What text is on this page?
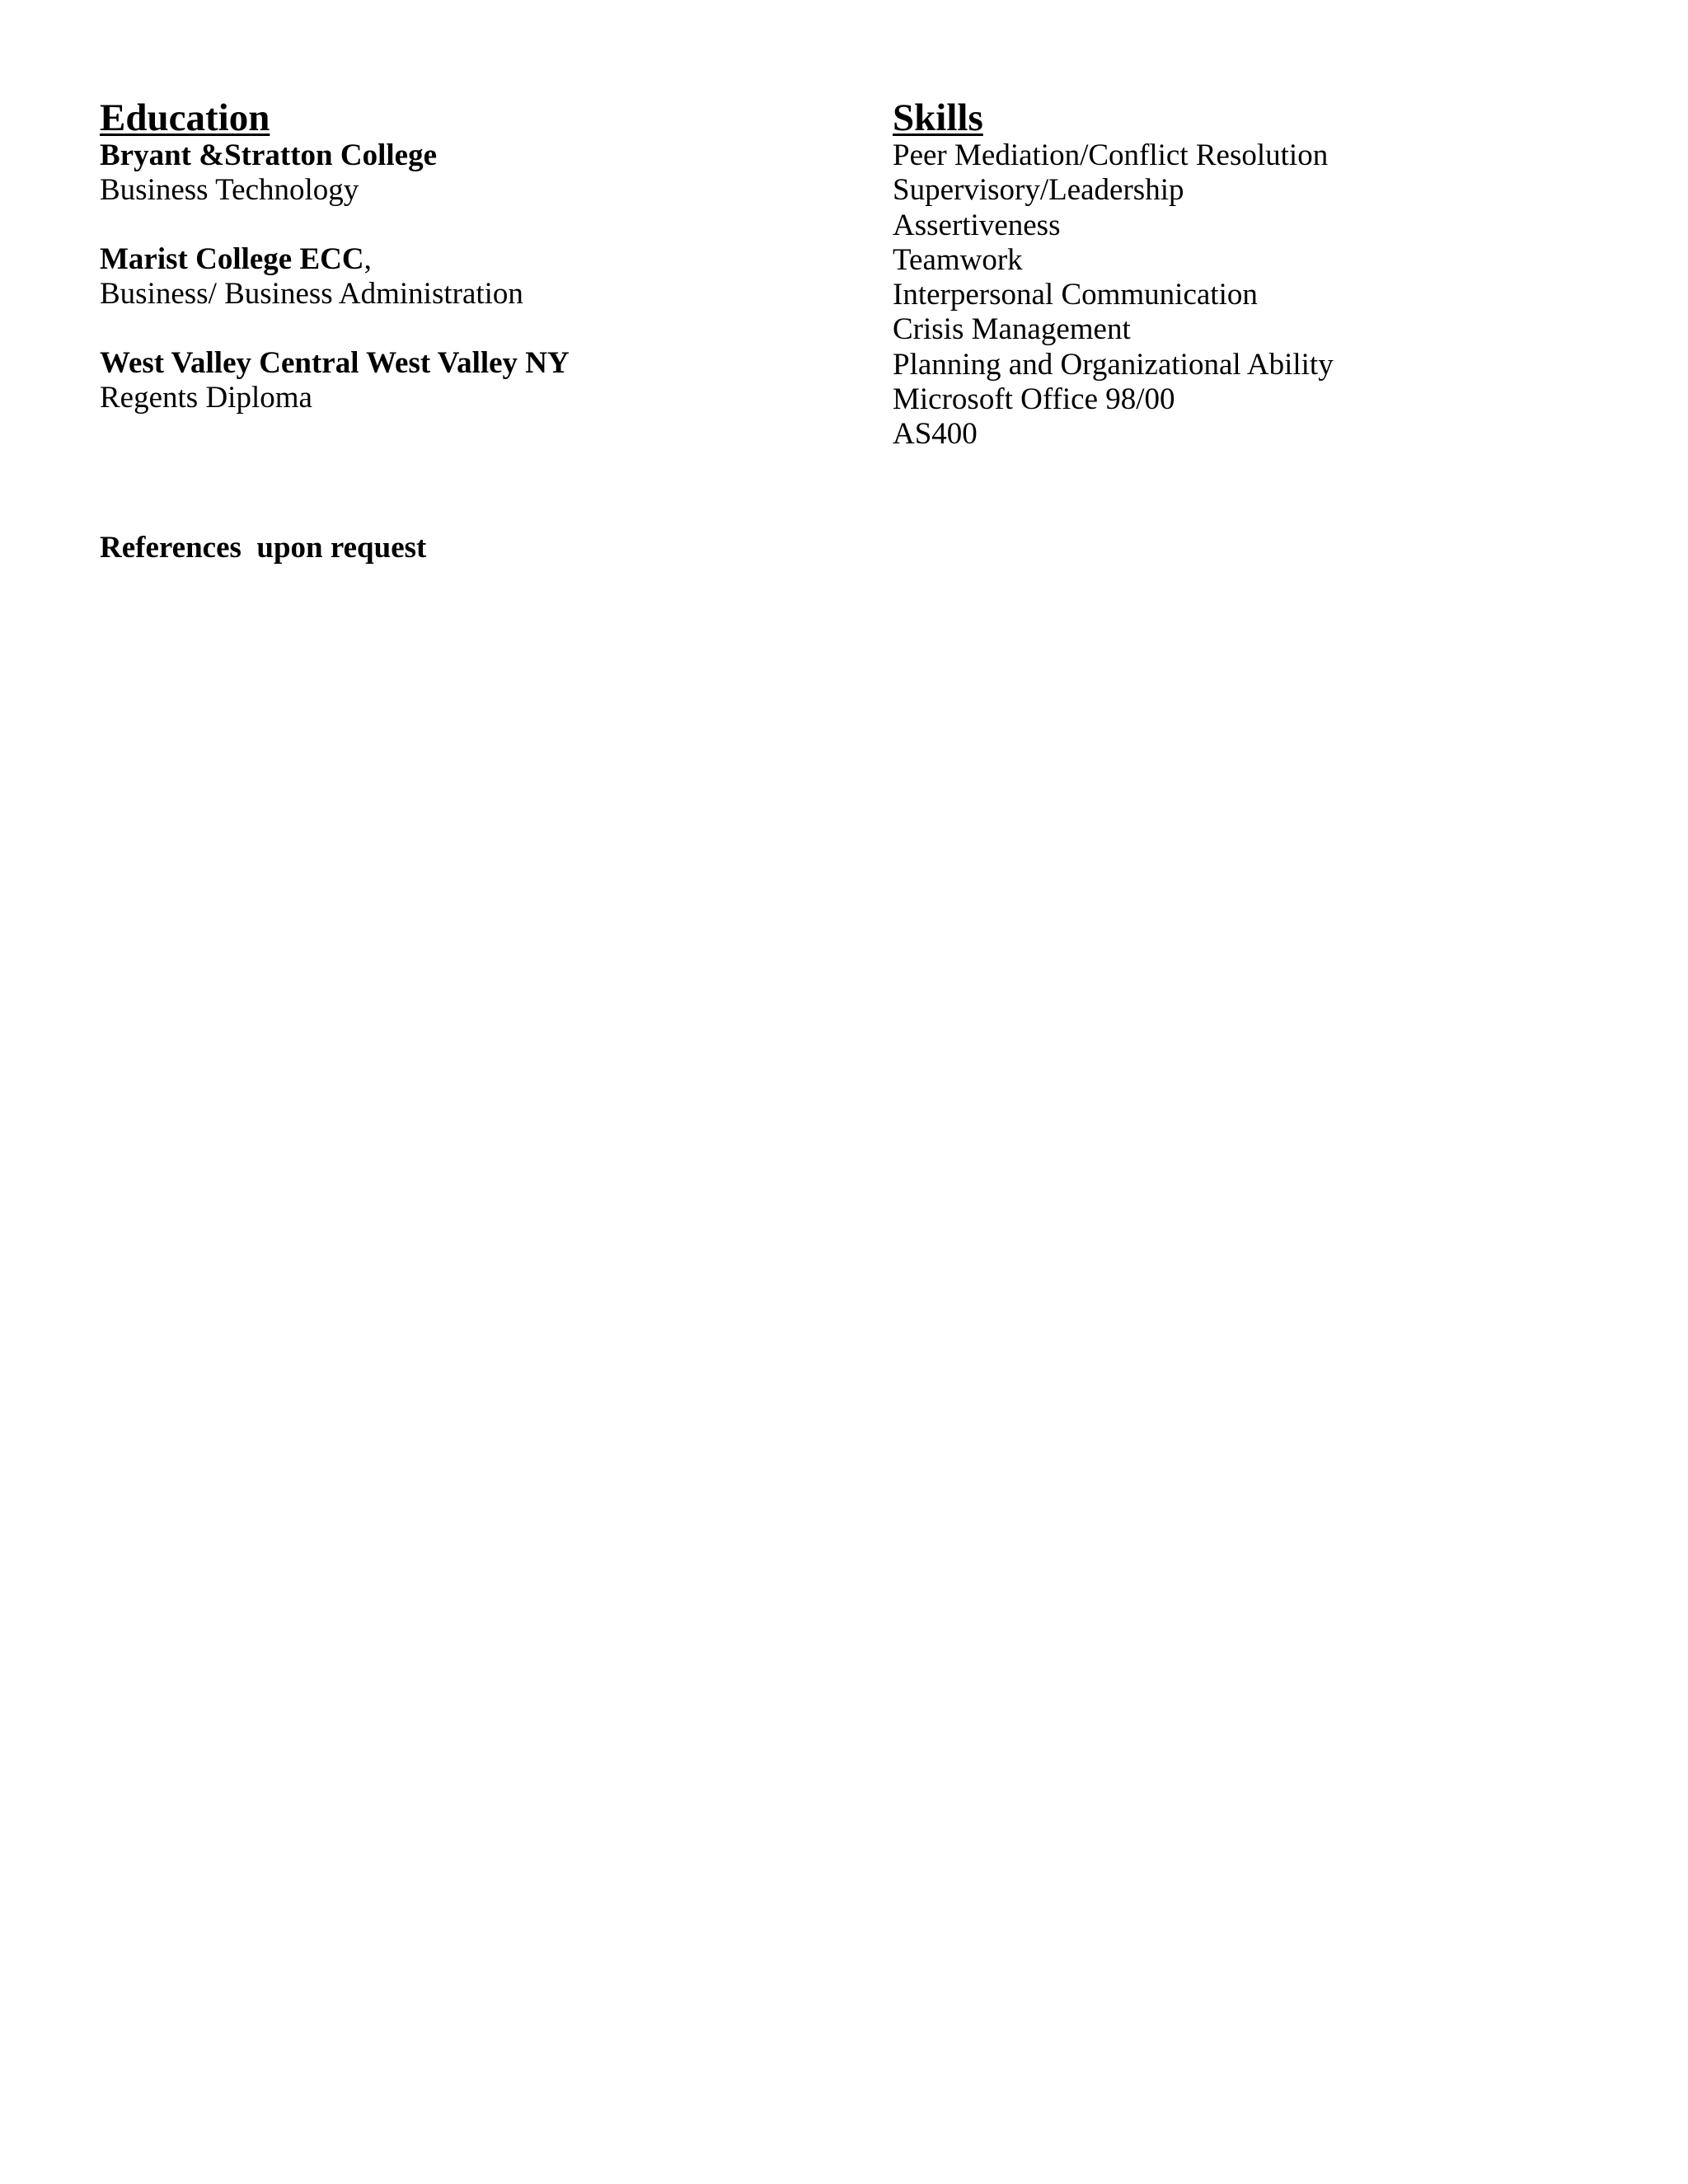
Education
Bryant &Stratton College
Business Technology
Marist College ECC,
Business/ Business Administration
West Valley Central West Valley NY
Regents Diploma
Skills
Peer Mediation/Conflict Resolution
Supervisory/Leadership
Assertiveness
Teamwork
Interpersonal Communication
Crisis Management
Planning and Organizational Ability
Microsoft Office 98/00
AS400
References  upon request
